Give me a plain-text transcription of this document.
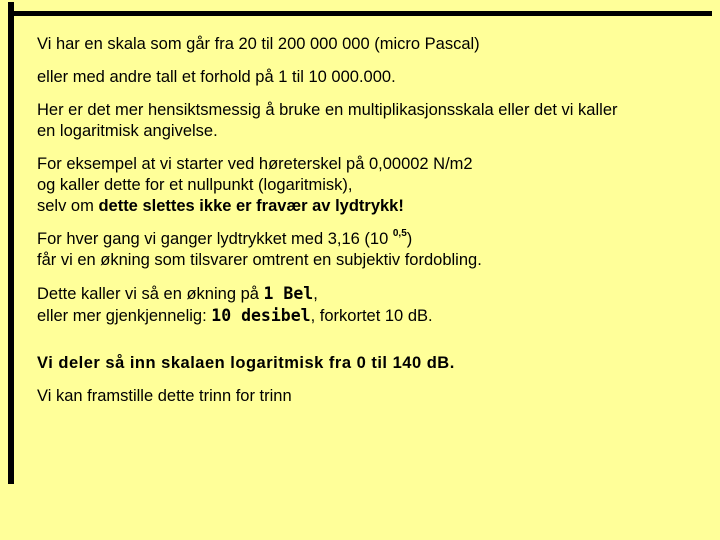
Vi har en skala som går fra 20 til 200 000 000 (micro Pascal)

eller med andre tall et forhold på 1 til 10 000.000.

Her er det mer hensiktsmessig å bruke en multiplikasjonsskala eller det vi kaller
en logaritmisk angivelse.

For eksempel at vi starter ved høreterskel på 0,00002 N/m2
og kaller dette for et nullpunkt (logaritmisk),
selv om dette slettes ikke er fravær av lydtrykk!

For hver gang vi ganger lydtrykket med 3,16 (10 $^{0,5}$)
får vi en økning som tilsvarer omtrent en subjektiv fordobling.

Dette kaller vi så en økning på 1 Bel,
eller mer gjenkjennelig: 10 desibel, forkortet 10 dB.

Vi deler så inn skalaen logaritmisk fra 0 til 140 dB.

Vi kan framstille dette trinn for trinn
